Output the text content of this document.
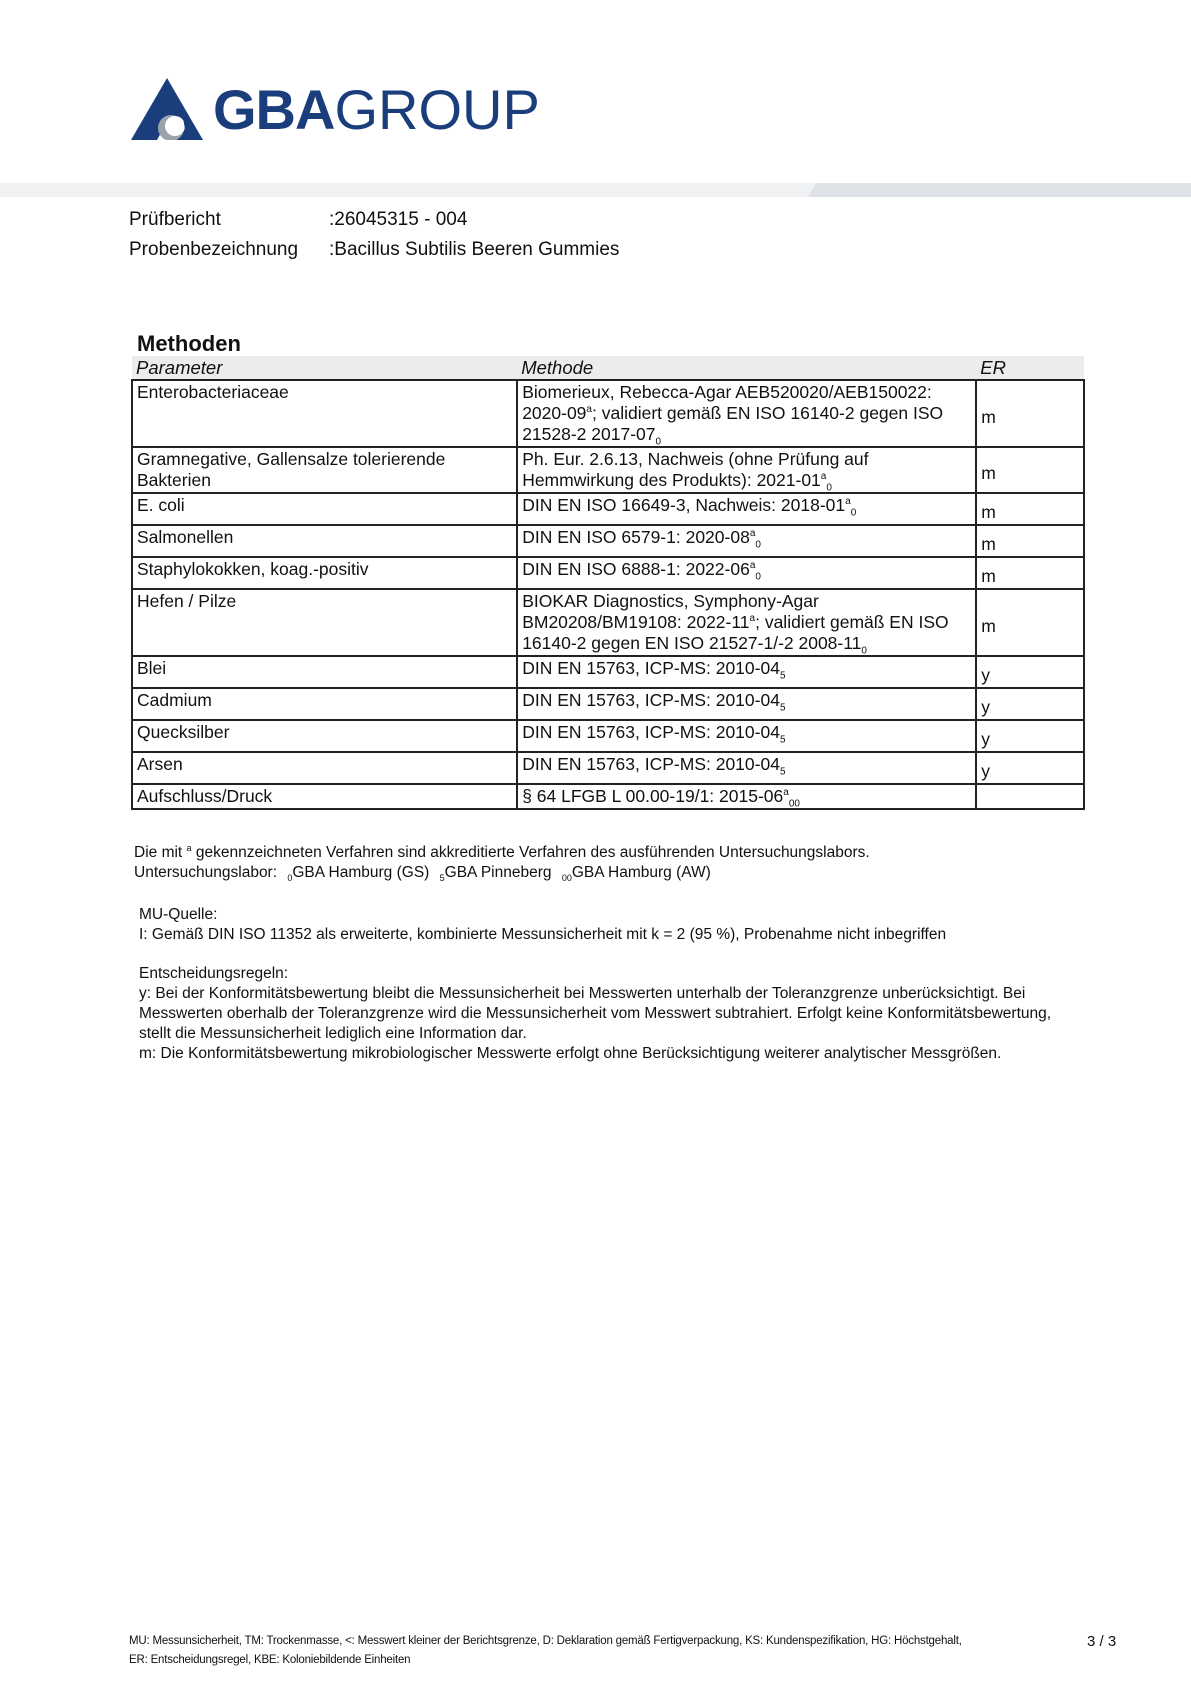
GBAGROUP
Prüfbericht	:26045315 - 004
Probenbezeichnung :Bacillus Subtilis Beeren Gummies
Methoden
Parameter	Methode	ER
Enterobacteriaceae	Biomerieux, Rebecca-Agar AEB520020/AEB150022: 2020-09$^a$; validiert gemäß EN ISO 16140-2 gegen ISO 21528-2 $2017-07_0$	m
Gramnegative, Gallensalze tolerierende Bakterien	Ph. Eur. 2.6.13, Nachweis (ohne Prüfung auf Hemmwirkung des Produkts): $2021-01^a_0$	m
E. coli	DIN EN ISO 16649-3, Nachweis: $2018-01^a_0$	m
Salmonellen	DIN EN ISO 6579-1: $2020-08^a_0$	m
Staphylokokken, koag.-positiv	DIN EN ISO 6888-1: $2022-06^a_0$	m
Hefen / Pilze	BIOKAR Diagnostics, Symphony-Agar BM20208/BM19108: 2022-11$^a$; validiert gemäß EN ISO 16140-2 gegen EN ISO 21527-1/-2 $2008-11_0$	m
Blei	DIN EN 15763, ICP-MS: $2010-04_5$	y
Cadmium	DIN EN 15763, ICP-MS: $2010-04_5$	y
Quecksilber	DIN EN 15763, ICP-MS: $2010-04_5$	y
Arsen	DIN EN 15763, ICP-MS: $2010-04_5$	y
Aufschluss/Druck	§ 64 LFGB L 00.00-19/1: $2015-06^a_{00}$	
Die mit $^a$ gekennzeichneten Verfahren sind akkreditierte Verfahren des ausführenden Untersuchungslabors.
Untersuchungslabor: $_0$GBA Hamburg (GS) $_5$GBA Pinneberg $_{00}$GBA Hamburg (AW)
MU-Quelle:
I: Gemäß DIN ISO 11352 als erweiterte, kombinierte Messunsicherheit mit k = 2 (95 %), Probenahme nicht inbegriffen
Entscheidungsregeln:
y: Bei der Konformitätsbewertung bleibt die Messunsicherheit bei Messwerten unterhalb der Toleranzgrenze unberücksichtigt. Bei Messwerten oberhalb der Toleranzgrenze wird die Messunsicherheit vom Messwert subtrahiert. Erfolgt keine Konformitätsbewertung, stellt die Messunsicherheit lediglich eine Information dar.
m: Die Konformitätsbewertung mikrobiologischer Messwerte erfolgt ohne Berücksichtigung weiterer analytischer Messgrößen.
MU: Messunsicherheit, TM: Trockenmasse, <: Messwert kleiner der Berichtsgrenze, D: Deklaration gemäß Fertigverpackung, KS: Kundenspezifikation, HG: Höchstgehalt,
ER: Entscheidungsregel, KBE: Koloniebildende Einheiten
3 / 3
